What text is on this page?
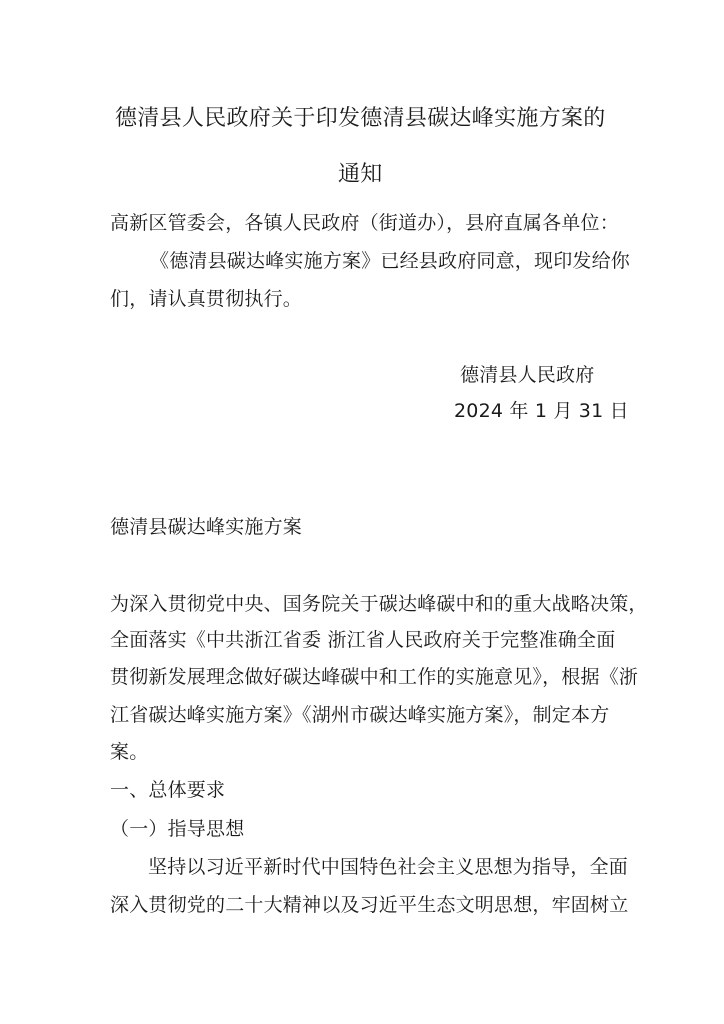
德清县人民政府关于印发德清县碳达峰实施方案的
通知
高新区管委会，各镇人民政府（街道办），县府直属各单位：
《德清县碳达峰实施方案》已经县政府同意，现印发给你
们，请认真贯彻执行。
德清县人民政府
2024 年 1 月 31 日
德清县碳达峰实施方案
为深入贯彻党中央、国务院关于碳达峰碳中和的重大战略决策，
全面落实《中共浙江省委 浙江省人民政府关于完整准确全面
贯彻新发展理念做好碳达峰碳中和工作的实施意见》，根据《浙
江省碳达峰实施方案》《湖州市碳达峰实施方案》，制定本方
案。
一、总体要求
（一）指导思想
坚持以习近平新时代中国特色社会主义思想为指导，全面
深入贯彻党的二十大精神以及习近平生态文明思想，牢固树立
